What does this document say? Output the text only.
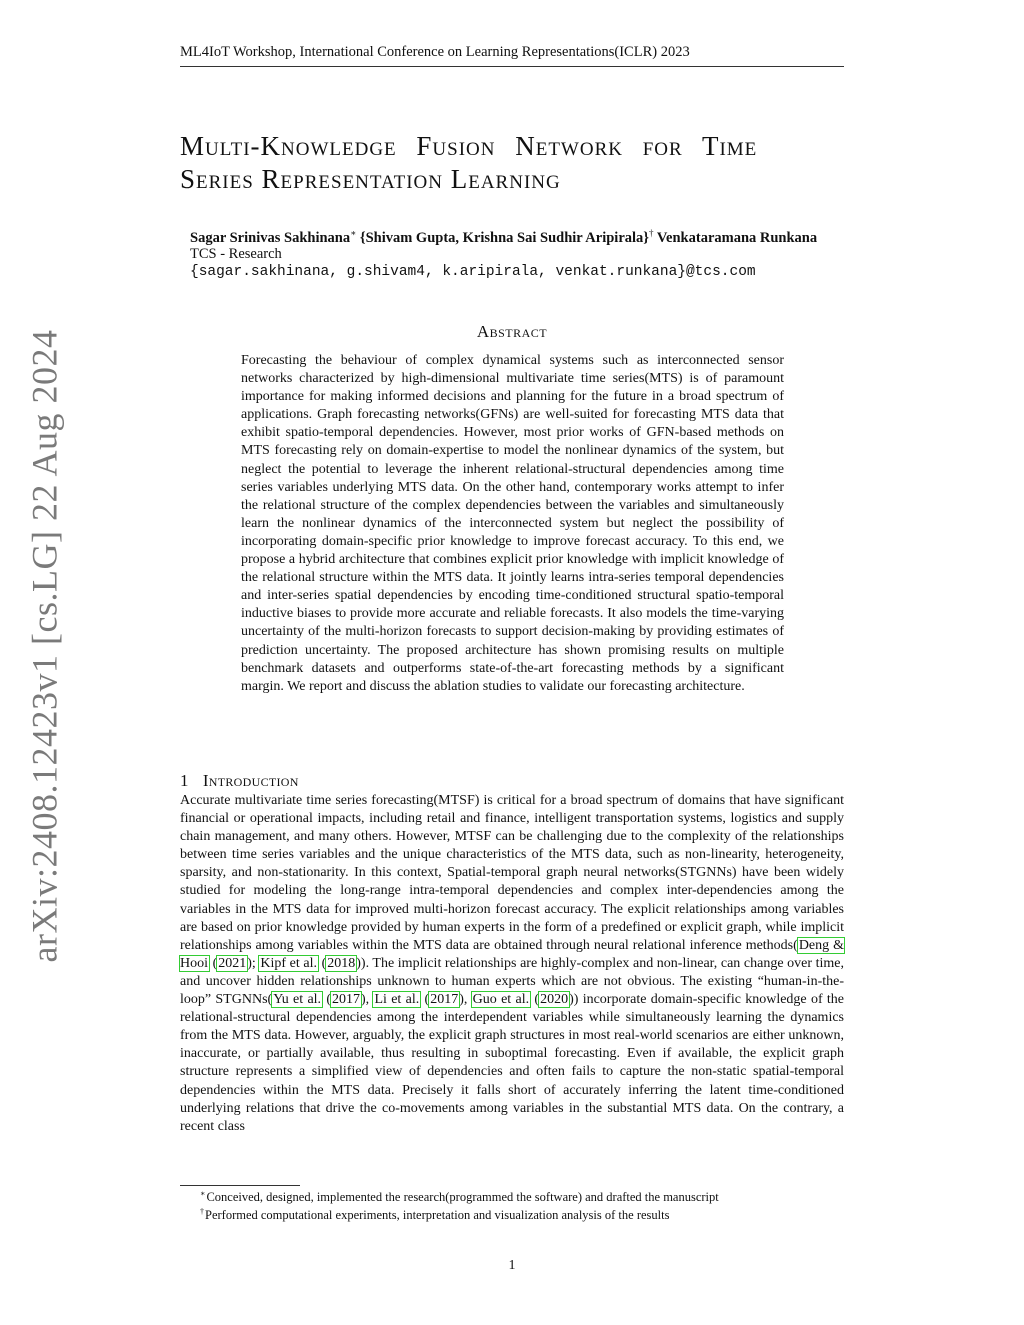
ML4IoT Workshop, International Conference on Learning Representations(ICLR) 2023
arXiv:2408.12423v1 [cs.LG] 22 Aug 2024
Multi-Knowledge Fusion Network for Time
Series Representation Learning
Sagar Srinivas Sakhinana∗ {Shivam Gupta, Krishna Sai Sudhir Aripirala}† Venkataramana Runkana
TCS - Research
{sagar.sakhinana, g.shivam4, k.aripirala, venkat.runkana}@tcs.com
Abstract

Forecasting the behaviour of complex dynamical systems such as interconnected sensor networks characterized by high-dimensional multivariate time series(MTS) is of paramount importance for making informed decisions and planning for the future in a broad spectrum of applications. Graph forecasting networks(GFNs) are well-suited for forecasting MTS data that exhibit spatio-temporal dependencies. However, most prior works of GFN-based methods on MTS forecasting rely on domain-expertise to model the nonlinear dynamics of the system, but neglect the potential to leverage the inherent relational-structural dependencies among time series variables underlying MTS data. On the other hand, contemporary works attempt to infer the relational structure of the complex dependencies between the variables and simultaneously learn the nonlinear dynamics of the interconnected system but neglect the possibility of incorporating domain-specific prior knowledge to improve forecast accuracy. To this end, we propose a hybrid architecture that combines explicit prior knowledge with implicit knowledge of the relational structure within the MTS data. It jointly learns intra-series temporal dependencies and inter-series spatial dependencies by encoding time-conditioned structural spatio-temporal inductive biases to provide more accurate and reliable forecasts. It also models the time-varying uncertainty of the multi-horizon forecasts to support decision-making by providing estimates of prediction uncertainty. The proposed architecture has shown promising results on multiple benchmark datasets and outperforms state-of-the-art forecasting methods by a significant margin. We report and discuss the ablation studies to validate our forecasting architecture.

1 Introduction

Accurate multivariate time series forecasting(MTSF) is critical for a broad spectrum of domains that have significant financial or operational impacts, including retail and finance, intelligent transportation systems, logistics and supply chain management, and many others. However, MTSF can be challenging due to the complexity of the relationships between time series variables and the unique characteristics of the MTS data, such as non-linearity, heterogeneity, sparsity, and non-stationarity. In this context, Spatial-temporal graph neural networks(STGNNs) have been widely studied for modeling the long-range intra-temporal dependencies and complex inter-dependencies among the variables in the MTS data for improved multi-horizon forecast accuracy. The explicit relationships among variables are based on prior knowledge provided by human experts in the form of a predefined or explicit graph, while implicit relationships among variables within the MTS data are obtained through neural relational inference methods(Deng & Hooi (2021); Kipf et al. (2018)). The implicit relationships are highly-complex and non-linear, can change over time, and uncover hidden relationships unknown to human experts which are not obvious. The existing “human-in-the-loop” STGNNs(Yu et al. (2017), Li et al. (2017), Guo et al. (2020)) incorporate domain-specific knowledge of the relational-structural dependencies among the interdependent variables while simultaneously learning the dynamics from the MTS data. However, arguably, the explicit graph structures in most real-world scenarios are either unknown, inaccurate, or partially available, thus resulting in suboptimal forecasting. Even if available, the explicit graph structure represents a simplified view of dependencies and often fails to capture the non-static spatial-temporal dependencies within the MTS data. Precisely it falls short of accurately inferring the latent time-conditioned underlying relations that drive the co-movements among variables in the substantial MTS data. On the contrary, a recent class

∗Conceived, designed, implemented the research(programmed the software) and drafted the manuscript
†Performed computational experiments, interpretation and visualization analysis of the results
1
